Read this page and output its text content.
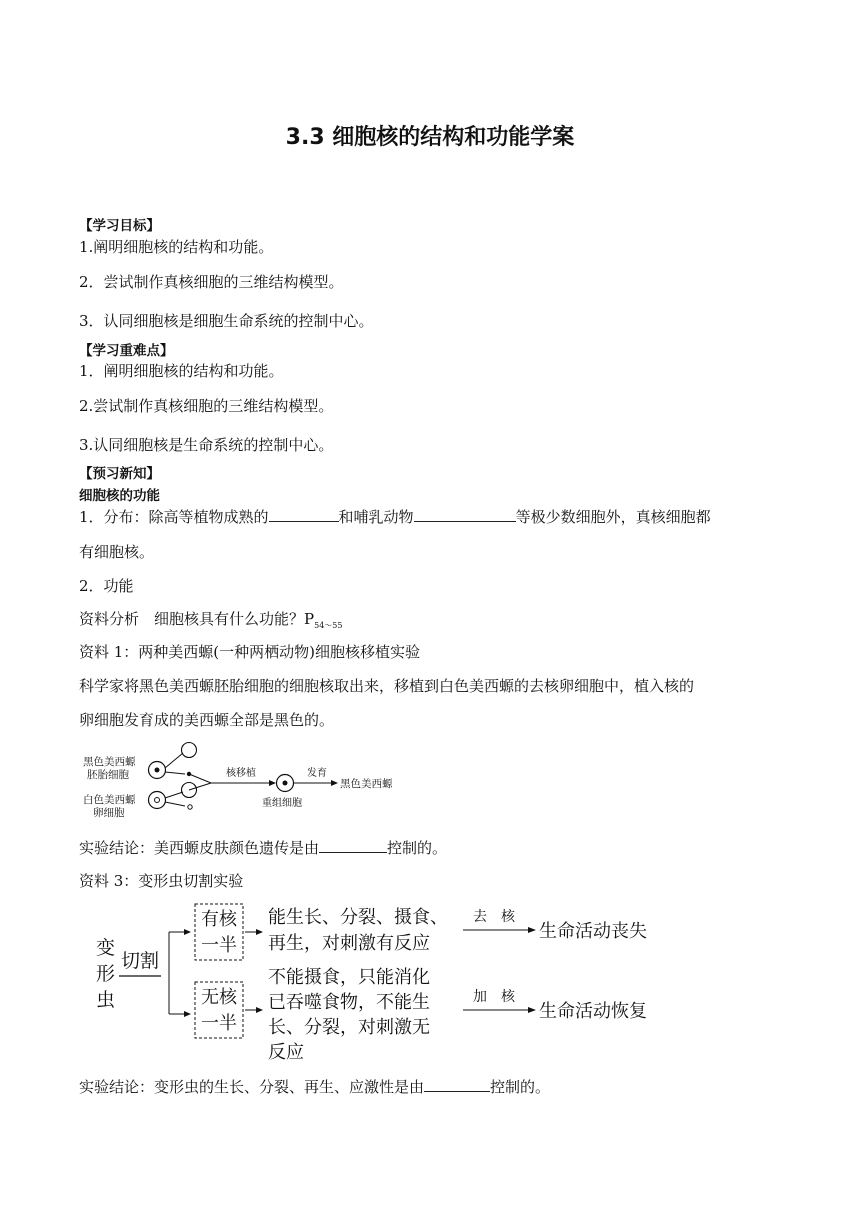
3.3 细胞核的结构和功能学案
【学习目标】
1.阐明细胞核的结构和功能。
2．尝试制作真核细胞的三维结构模型。
3．认同细胞核是细胞生命系统的控制中心。
【学习重难点】
1．阐明细胞核的结构和功能。
2.尝试制作真核细胞的三维结构模型。
3.认同细胞核是生命系统的控制中心。
【预习新知】
细胞核的功能
1．分布：除高等植物成熟的	和哺乳动物	等极少数细胞外，真核细胞都
有细胞核。
2．功能
资料分析　细胞核具有什么功能？$P_{54\sim 55}$
资料 1：两种美西螈(一种两栖动物)细胞核移植实验
科学家将黑色美西螈胚胎细胞的细胞核取出来，移植到白色美西螈的去核卵细胞中，植入核的
卵细胞发育成的美西螈全部是黑色的。
黑色美西螈
胚胎细胞
白色美西螈
卵细胞
核移植
重组细胞
发育
黑色美西螈
实验结论：美西螈皮肤颜色遗传是由	控制的。
资料 3：变形虫切割实验
变
形
虫
切割
有核
一半
无核
一半
能生长、分裂、摄食、
再生，对刺激有反应
不能摄食，只能消化
已吞噬食物，不能生
长、分裂，对刺激无
反应
去　核
生命活动丧失
加　核
生命活动恢复
实验结论：变形虫的生长、分裂、再生、应激性是由	控制的。
